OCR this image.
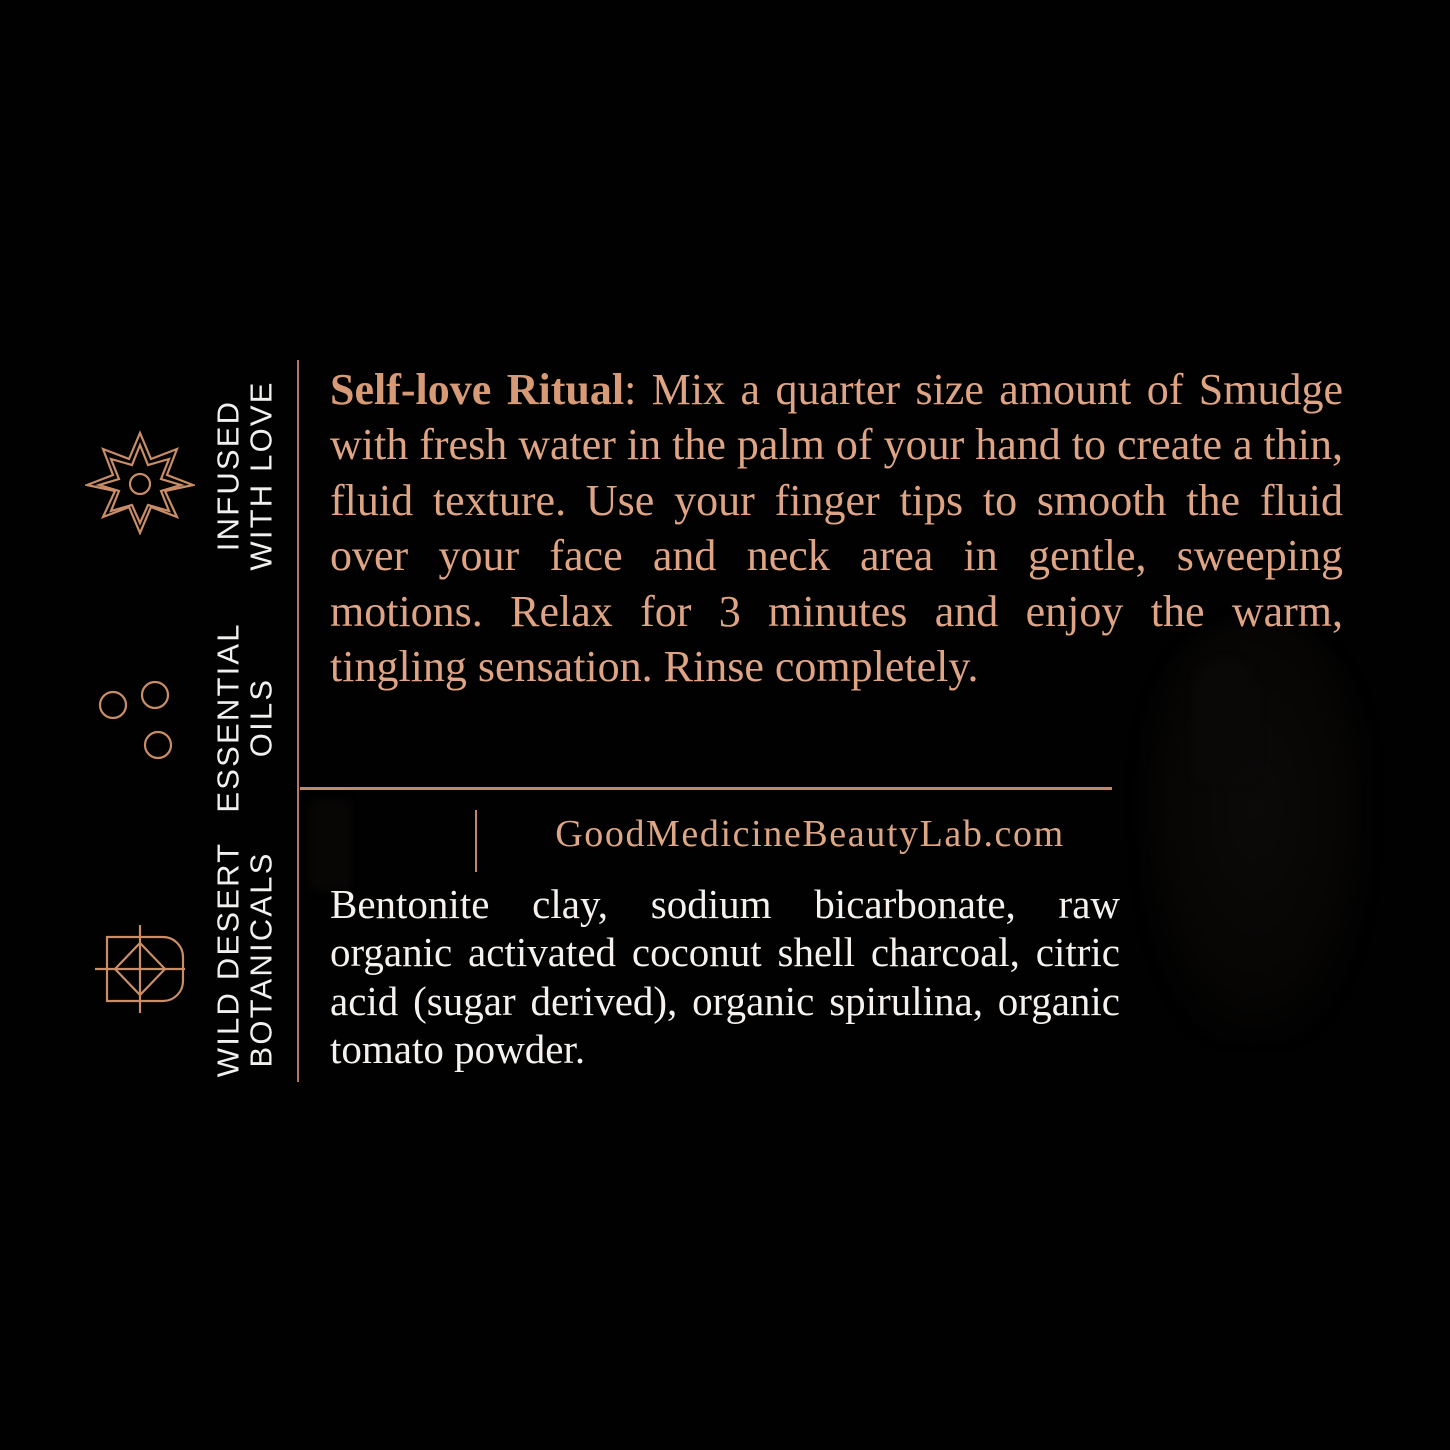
INFUSED
WITH LOVE
ESSENTIAL
OILS
WILD DESERT
BOTANICALS

Self-love Ritual: Mix a quarter size amount of Smudge with fresh water in the palm of your hand to create a thin, fluid texture. Use your finger tips to smooth the fluid over your face and neck area in gentle, sweeping motions. Relax for 3 minutes and enjoy the warm, tingling sensation. Rinse completely.

GoodMedicineBeautyLab.com

Bentonite clay, sodium bicarbonate, raw organic activated coconut shell charcoal, citric acid (sugar derived), organic spirulina, organic tomato powder.
